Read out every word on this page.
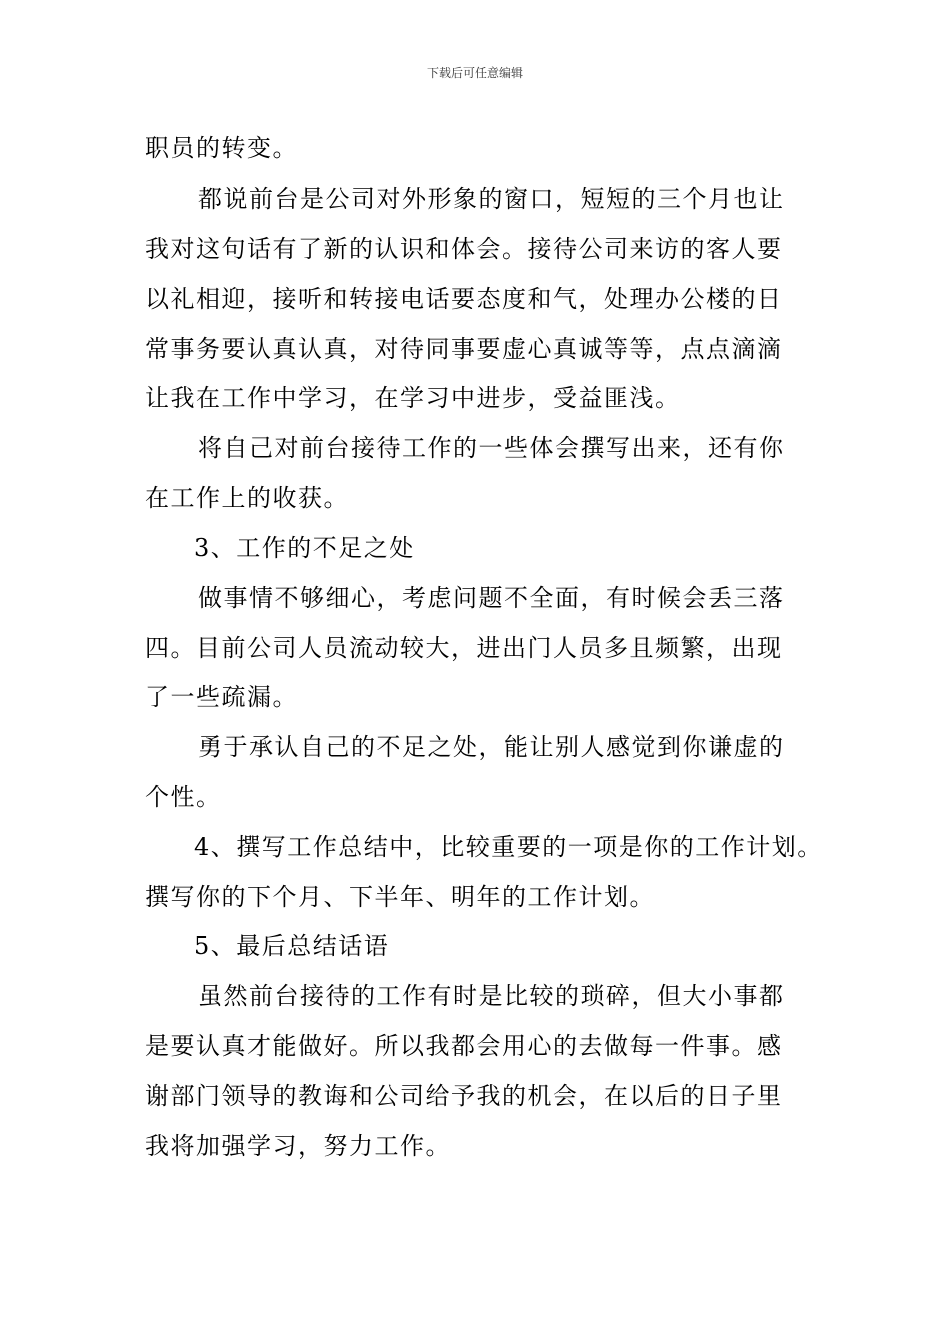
下载后可任意编辑
职员的转变。
都说前台是公司对外形象的窗口，短短的三个月也让
我对这句话有了新的认识和体会。接待公司来访的客人要
以礼相迎，接听和转接电话要态度和气，处理办公楼的日
常事务要认真认真，对待同事要虚心真诚等等，点点滴滴
让我在工作中学习，在学习中进步，受益匪浅。
将自己对前台接待工作的一些体会撰写出来，还有你
在工作上的收获。
3、工作的不足之处
做事情不够细心，考虑问题不全面，有时候会丢三落
四。目前公司人员流动较大，进出门人员多且频繁，出现
了一些疏漏。
勇于承认自己的不足之处，能让别人感觉到你谦虚的
个性。
4、撰写工作总结中，比较重要的一项是你的工作计划。
撰写你的下个月、下半年、明年的工作计划。
5、最后总结话语
虽然前台接待的工作有时是比较的琐碎，但大小事都
是要认真才能做好。所以我都会用心的去做每一件事。感
谢部门领导的教诲和公司给予我的机会，在以后的日子里
我将加强学习，努力工作。
